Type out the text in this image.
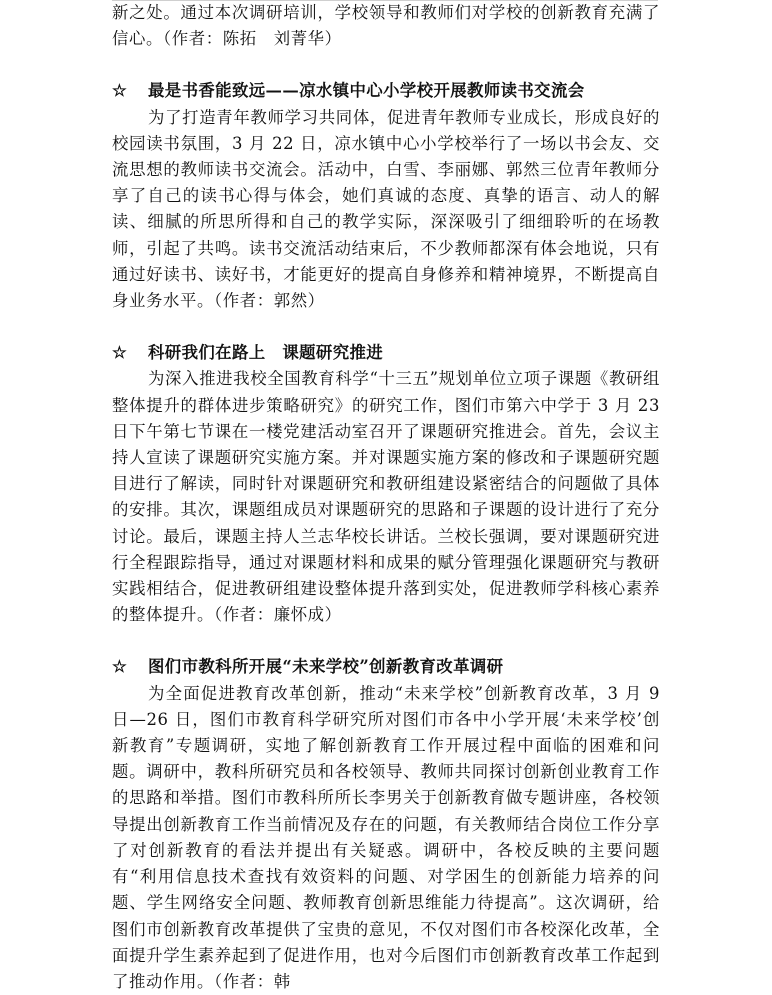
新之处。通过本次调研培训，学校领导和教师们对学校的创新教育充满了信心。（作者：陈拓　刘菁华）

☆ 最是书香能致远——凉水镇中心小学校开展教师读书交流会

为了打造青年教师学习共同体，促进青年教师专业成长，形成良好的校园读书氛围，3 月 22 日，凉水镇中心小学校举行了一场以书会友、交流思想的教师读书交流会。活动中，白雪、李丽娜、郭然三位青年教师分享了自己的读书心得与体会，她们真诚的态度、真挚的语言、动人的解读、细腻的所思所得和自己的教学实际，深深吸引了细细聆听的在场教师，引起了共鸣。读书交流活动结束后，不少教师都深有体会地说，只有通过好读书、读好书，才能更好的提高自身修养和精神境界，不断提高自身业务水平。（作者：郭然）

☆ 科研我们在路上　课题研究推进

为深入推进我校全国教育科学“十三五”规划单位立项子课题《教研组整体提升的群体进步策略研究》的研究工作，图们市第六中学于 3 月 23 日下午第七节课在一楼党建活动室召开了课题研究推进会。首先，会议主持人宣读了课题研究实施方案。并对课题实施方案的修改和子课题研究题目进行了解读，同时针对课题研究和教研组建设紧密结合的问题做了具体的安排。其次，课题组成员对课题研究的思路和子课题的设计进行了充分讨论。最后，课题主持人兰志华校长讲话。兰校长强调，要对课题研究进行全程跟踪指导，通过对课题材料和成果的赋分管理强化课题研究与教研实践相结合，促进教研组建设整体提升落到实处，促进教师学科核心素养的整体提升。（作者：廉怀成）

☆ 图们市教科所开展“未来学校”创新教育改革调研

为全面促进教育改革创新，推动“未来学校”创新教育改革，3 月 9 日—26 日，图们市教育科学研究所对图们市各中小学开展‘未来学校’创新教育”专题调研，实地了解创新教育工作开展过程中面临的困难和问题。调研中，教科所研究员和各校领导、教师共同探讨创新创业教育工作的思路和举措。图们市教科所所长李男关于创新教育做专题讲座，各校领导提出创新教育工作当前情况及存在的问题，有关教师结合岗位工作分享了对创新教育的看法并提出有关疑惑。调研中，各校反映的主要问题有“利用信息技术查找有效资料的问题、对学困生的创新能力培养的问题、学生网络安全问题、教师教育创新思维能力待提高”。这次调研，给图们市创新教育改革提供了宝贵的意见，不仅对图们市各校深化改革，全面提升学生素养起到了促进作用，也对今后图们市创新教育改革工作起到了推动作用。（作者：韩
